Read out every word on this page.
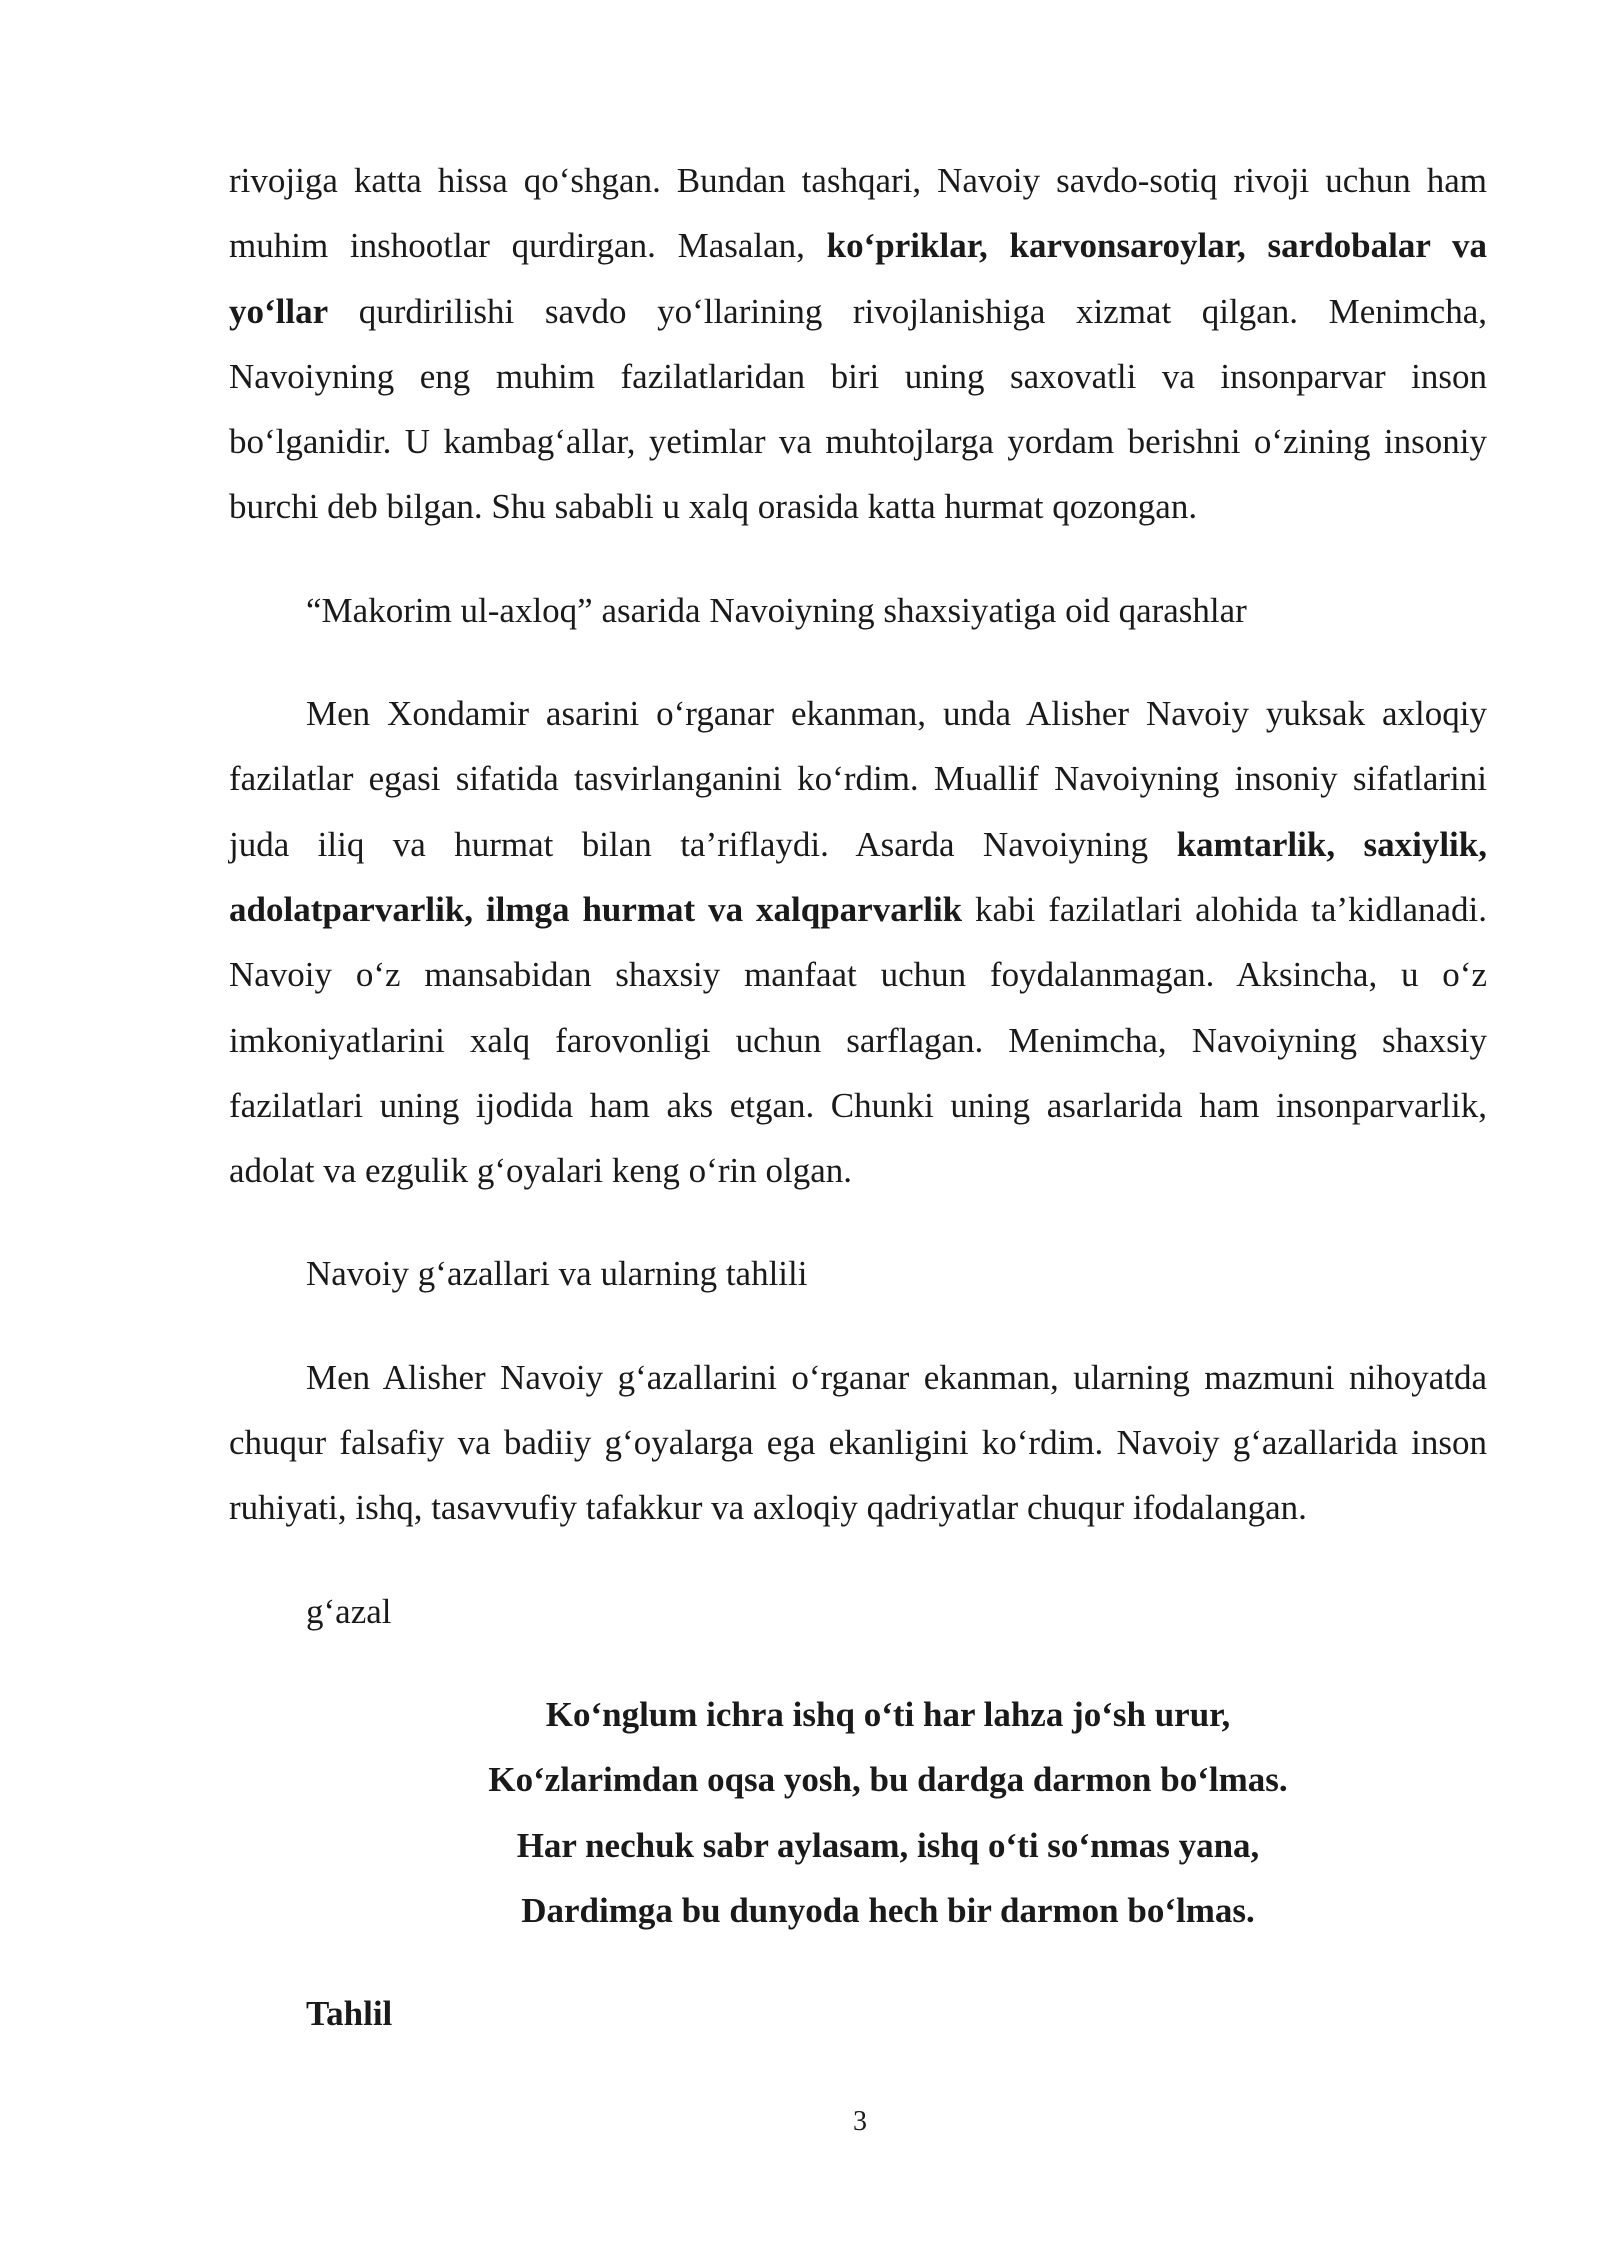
rivojiga katta hissa qo‘shgan. Bundan tashqari, Navoiy savdo-sotiq rivoji uchun ham muhim inshootlar qurdirgan. Masalan, ko‘priklar, karvonsaroylar, sardobalar va yo‘llar qurdirilishi savdo yo‘llarining rivojlanishiga xizmat qilgan. Menimcha, Navoiyning eng muhim fazilatlaridan biri uning saxovatli va insonparvar inson bo‘lganidir. U kambag‘allar, yetimlar va muhtojlarga yordam berishni o‘zining insoniy burchi deb bilgan. Shu sababli u xalq orasida katta hurmat qozongan.

“Makorim ul-axloq” asarida Navoiyning shaxsiyatiga oid qarashlar

Men Xondamir asarini o‘rganar ekanman, unda Alisher Navoiy yuksak axloqiy fazilatlar egasi sifatida tasvirlanganini ko‘rdim. Muallif Navoiyning insoniy sifatlarini juda iliq va hurmat bilan ta’riflaydi. Asarda Navoiyning kamtarlik, saxiylik, adolatparvarlik, ilmga hurmat va xalqparvarlik kabi fazilatlari alohida ta’kidlanadi. Navoiy o‘z mansabidan shaxsiy manfaat uchun foydalanmagan. Aksincha, u o‘z imkoniyatlarini xalq farovonligi uchun sarflagan. Menimcha, Navoiyning shaxsiy fazilatlari uning ijodida ham aks etgan. Chunki uning asarlarida ham insonparvarlik, adolat va ezgulik g‘oyalari keng o‘rin olgan.

Navoiy g‘azallari va ularning tahlili

Men Alisher Navoiy g‘azallarini o‘rganar ekanman, ularning mazmuni nihoyatda chuqur falsafiy va badiiy g‘oyalarga ega ekanligini ko‘rdim. Navoiy g‘azallarida inson ruhiyati, ishq, tasavvufiy tafakkur va axloqiy qadriyatlar chuqur ifodalangan.

g‘azal

Ko‘nglum ichra ishq o‘ti har lahza jo‘sh urur,
Ko‘zlarimdan oqsa yosh, bu dardga darmon bo‘lmas.
Har nechuk sabr aylasam, ishq o‘ti so‘nmas yana,
Dardimga bu dunyoda hech bir darmon bo‘lmas.

Tahlil

3
